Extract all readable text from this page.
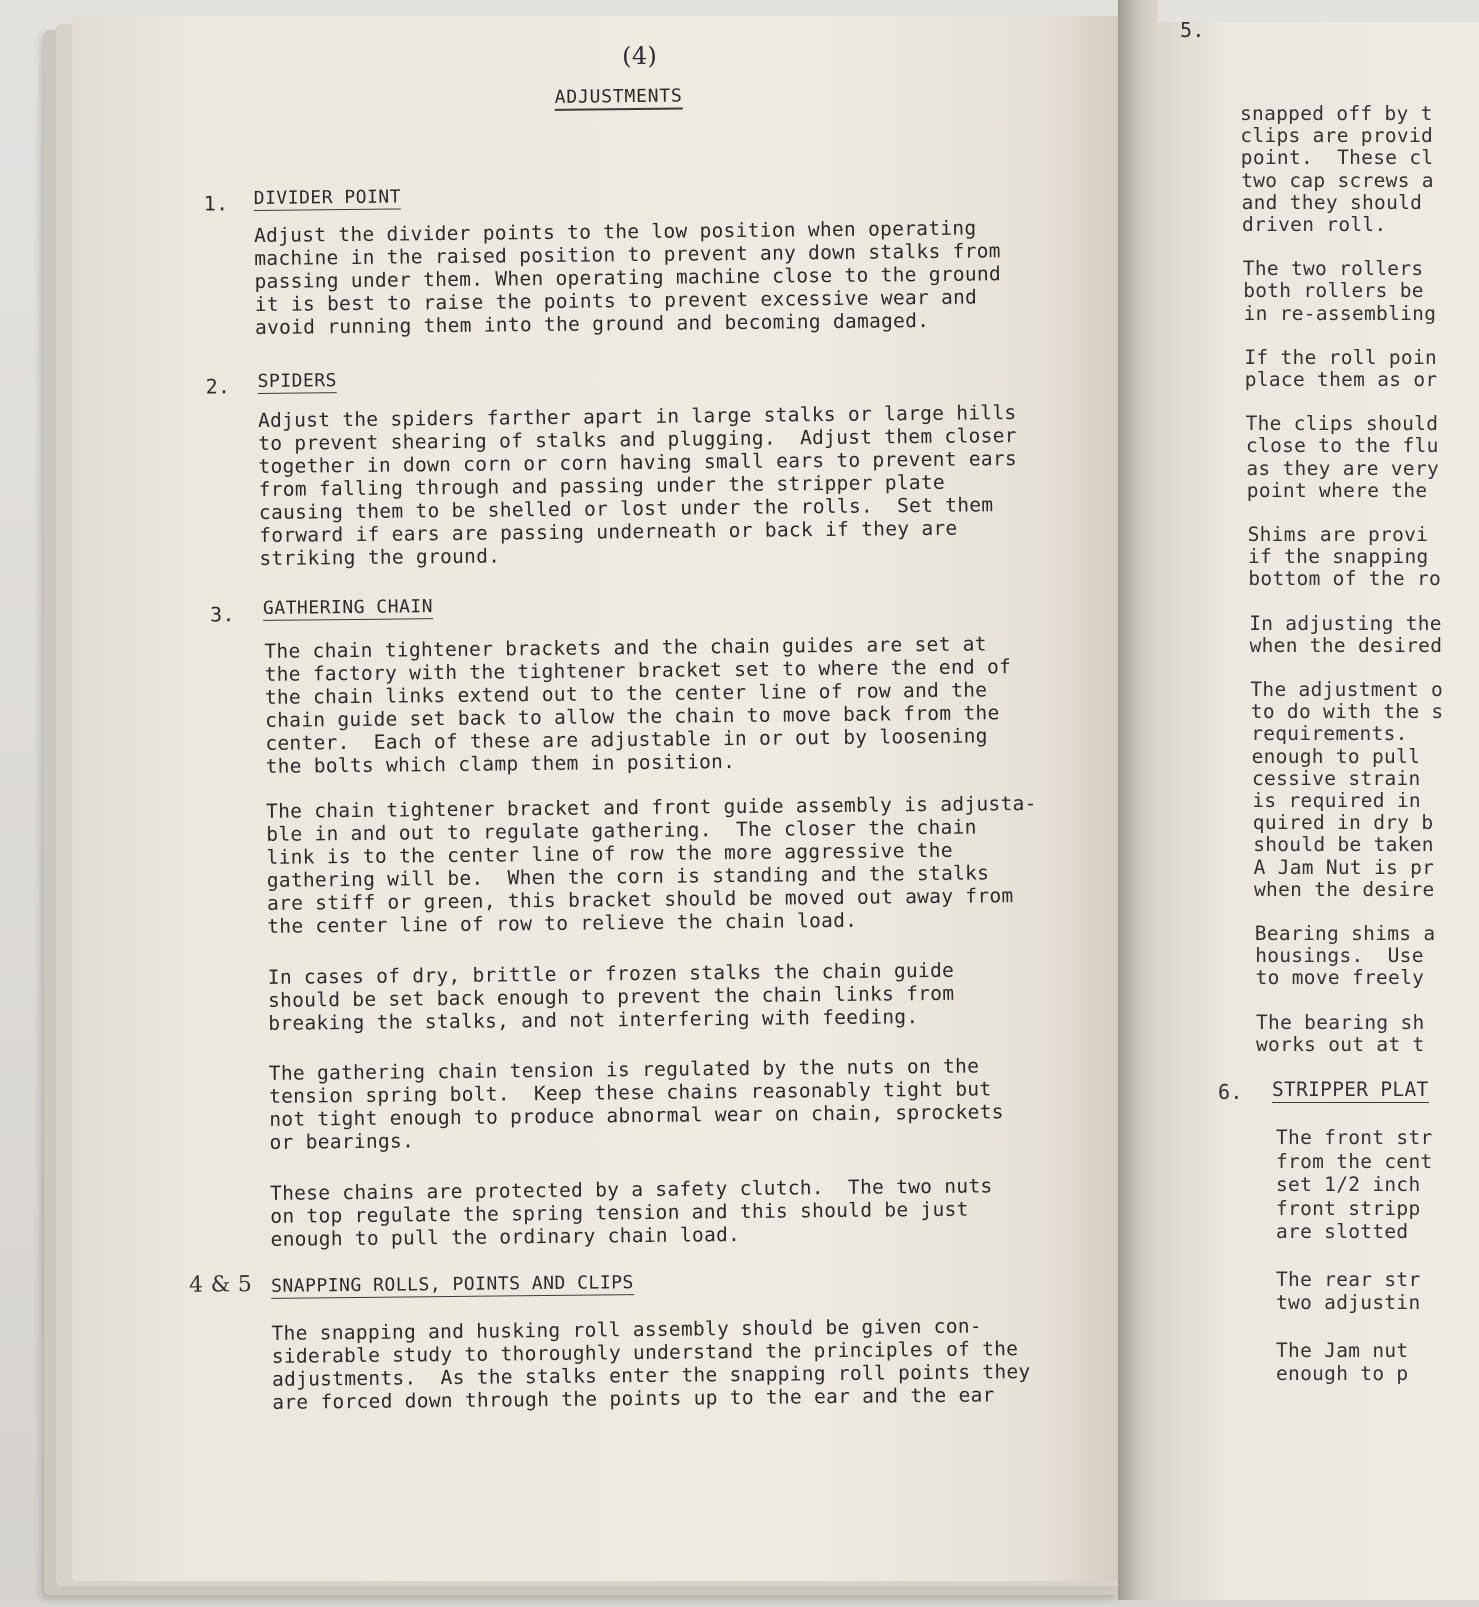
(4)
ADJUSTMENTS
1. DIVIDER POINT
Adjust the divider points to the low position when operating
machine in the raised position to prevent any down stalks from
passing under them. When operating machine close to the ground
it is best to raise the points to prevent excessive wear and
avoid running them into the ground and becoming damaged.
2. SPIDERS
Adjust the spiders farther apart in large stalks or large hills
to prevent shearing of stalks and plugging.  Adjust them closer
together in down corn or corn having small ears to prevent ears
from falling through and passing under the stripper plate
causing them to be shelled or lost under the rolls.  Set them
forward if ears are passing underneath or back if they are
striking the ground.
3. GATHERING CHAIN
The chain tightener brackets and the chain guides are set at
the factory with the tightener bracket set to where the end of
the chain links extend out to the center line of row and the
chain guide set back to allow the chain to move back from the
center.  Each of these are adjustable in or out by loosening
the bolts which clamp them in position.
The chain tightener bracket and front guide assembly is adjusta-
ble in and out to regulate gathering.  The closer the chain
link is to the center line of row the more aggressive the
gathering will be.  When the corn is standing and the stalks
are stiff or green, this bracket should be moved out away from
the center line of row to relieve the chain load.
In cases of dry, brittle or frozen stalks the chain guide
should be set back enough to prevent the chain links from
breaking the stalks, and not interfering with feeding.
The gathering chain tension is regulated by the nuts on the
tension spring bolt.  Keep these chains reasonably tight but
not tight enough to produce abnormal wear on chain, sprockets
or bearings.
These chains are protected by a safety clutch.  The two nuts
on top regulate the spring tension and this should be just
enough to pull the ordinary chain load.
4 & 5 SNAPPING ROLLS, POINTS AND CLIPS
The snapping and husking roll assembly should be given con-
siderable study to thoroughly understand the principles of the
adjustments.  As the stalks enter the snapping roll points they
are forced down through the points up to the ear and the ear
5.
snapped off by t
clips are provid
point.  These cl
two cap screws a
and they should
driven roll.
The two rollers
both rollers be
in re-assembling
If the roll poin
place them as or
The clips should
close to the flu
as they are very
point where the
Shims are provi
if the snapping
bottom of the ro
In adjusting the
when the desired
The adjustment o
to do with the s
requirements.
enough to pull
cessive strain
is required in
quired in dry b
should be taken
A Jam Nut is pr
when the desire
Bearing shims a
housings.  Use
to move freely
The bearing sh
works out at t
6. STRIPPER PLAT
The front str
from the cent
set 1/2 inch
front stripp
are slotted
The rear str
two adjustin
The Jam nut
enough to p
